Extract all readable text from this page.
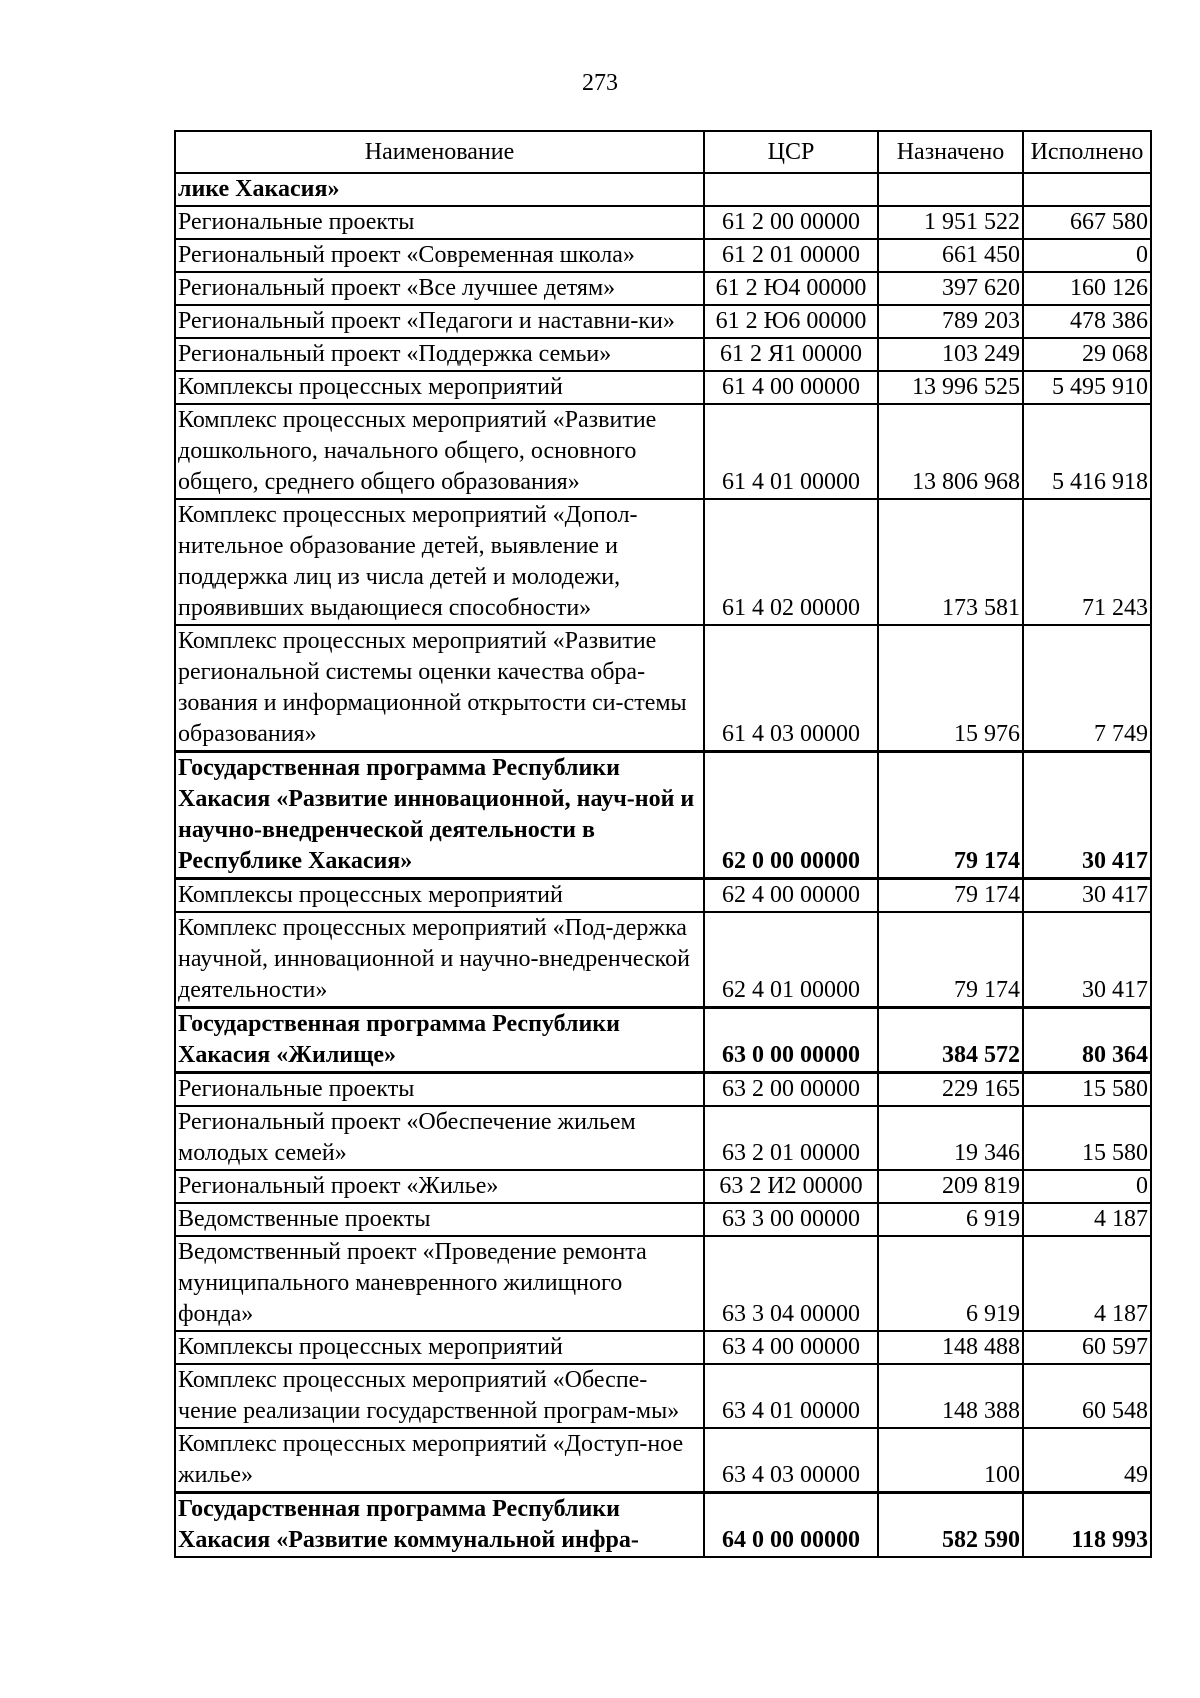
273
Наименование	ЦСР	Назначено	Исполнено
лике Хакасия»			
Региональные проекты	61 2 00 00000	1 951 522	667 580
Региональный проект «Современная школа»	61 2 01 00000	661 450	0
Региональный проект «Все лучшее детям»	61 2 Ю4 00000	397 620	160 126
Региональный проект «Педагоги и наставни-ки»	61 2 Ю6 00000	789 203	478 386
Региональный проект «Поддержка семьи»	61 2 Я1 00000	103 249	29 068
Комплексы процессных мероприятий	61 4 00 00000	13 996 525	5 495 910
Комплекс процессных мероприятий «Развитие дошкольного, начального общего, основного общего, среднего общего образования»	61 4 01 00000	13 806 968	5 416 918
Комплекс процессных мероприятий «Допол-нительное образование детей, выявление и поддержка лиц из числа детей и молодежи, проявивших выдающиеся способности»	61 4 02 00000	173 581	71 243
Комплекс процессных мероприятий «Развитие региональной системы оценки качества обра-зования и информационной открытости си-стемы образования»	61 4 03 00000	15 976	7 749
Государственная программа Республики Хакасия «Развитие инновационной, науч-ной и научно-внедренческой деятельности в Республике Хакасия»	62 0 00 00000	79 174	30 417
Комплексы процессных мероприятий	62 4 00 00000	79 174	30 417
Комплекс процессных мероприятий «Под-держка научной, инновационной и научно-внедренческой деятельности»	62 4 01 00000	79 174	30 417
Государственная программа Республики Хакасия «Жилище»	63 0 00 00000	384 572	80 364
Региональные проекты	63 2 00 00000	229 165	15 580
Региональный проект «Обеспечение жильем молодых семей»	63 2 01 00000	19 346	15 580
Региональный проект «Жилье»	63 2 И2 00000	209 819	0
Ведомственные проекты	63 3 00 00000	6 919	4 187
Ведомственный проект «Проведение ремонта муниципального маневренного жилищного фонда»	63 3 04 00000	6 919	4 187
Комплексы процессных мероприятий	63 4 00 00000	148 488	60 597
Комплекс процессных мероприятий «Обеспе-чение реализации государственной програм-мы»	63 4 01 00000	148 388	60 548
Комплекс процессных мероприятий «Доступ-ное жилье»	63 4 03 00000	100	49
Государственная программа Республики Хакасия «Развитие коммунальной инфра-	64 0 00 00000	582 590	118 993
